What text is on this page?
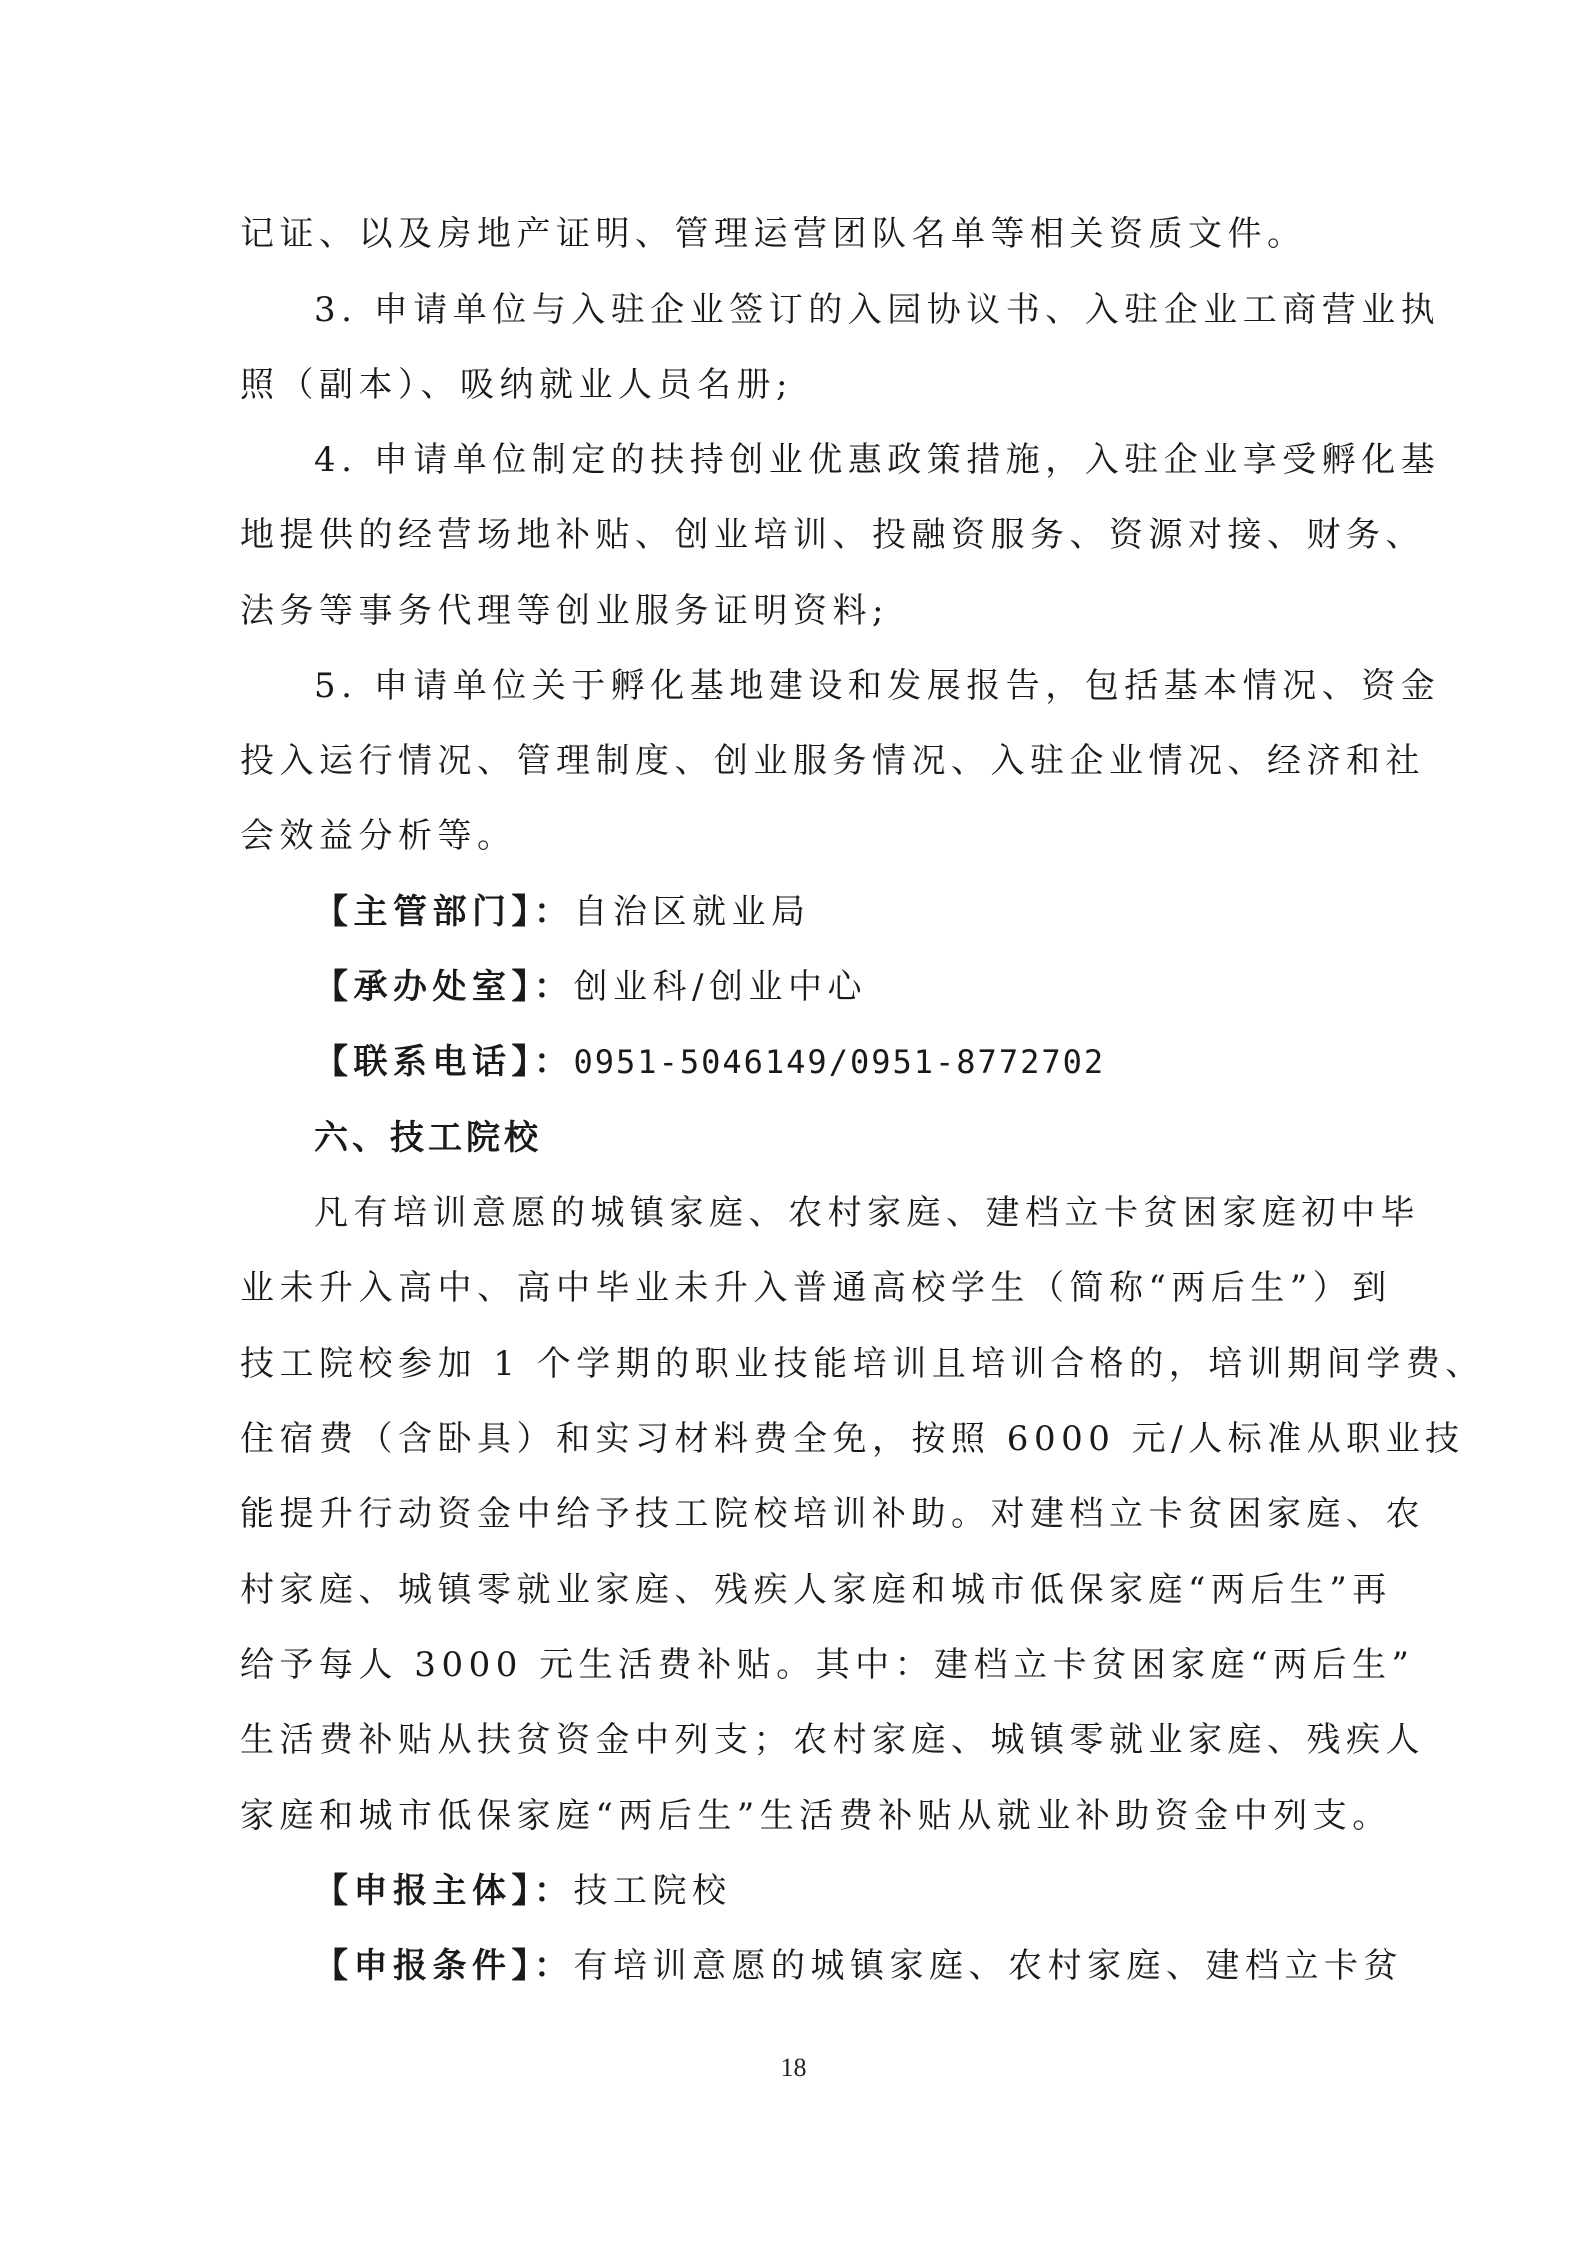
记证、以及房地产证明、管理运营团队名单等相关资质文件。
3. 申请单位与入驻企业签订的入园协议书、入驻企业工商营业执
照（副本）、吸纳就业人员名册;
4. 申请单位制定的扶持创业优惠政策措施，入驻企业享受孵化基
地提供的经营场地补贴、创业培训、投融资服务、资源对接、财务、
法务等事务代理等创业服务证明资料;
5. 申请单位关于孵化基地建设和发展报告，包括基本情况、资金
投入运行情况、管理制度、创业服务情况、入驻企业情况、经济和社
会效益分析等。
【主管部门】：自治区就业局
【承办处室】：创业科/创业中心
【联系电话】：0951-5046149/0951-8772702
六、技工院校
凡有培训意愿的城镇家庭、农村家庭、建档立卡贫困家庭初中毕
业未升入高中、高中毕业未升入普通高校学生（简称“两后生”）到
技工院校参加 1 个学期的职业技能培训且培训合格的，培训期间学费、
住宿费（含卧具）和实习材料费全免，按照 6000 元/人标准从职业技
能提升行动资金中给予技工院校培训补助。对建档立卡贫困家庭、农
村家庭、城镇零就业家庭、残疾人家庭和城市低保家庭“两后生”再
给予每人 3000 元生活费补贴。其中：建档立卡贫困家庭“两后生”
生活费补贴从扶贫资金中列支；农村家庭、城镇零就业家庭、残疾人
家庭和城市低保家庭“两后生”生活费补贴从就业补助资金中列支。
【申报主体】：技工院校
【申报条件】：有培训意愿的城镇家庭、农村家庭、建档立卡贫
18
